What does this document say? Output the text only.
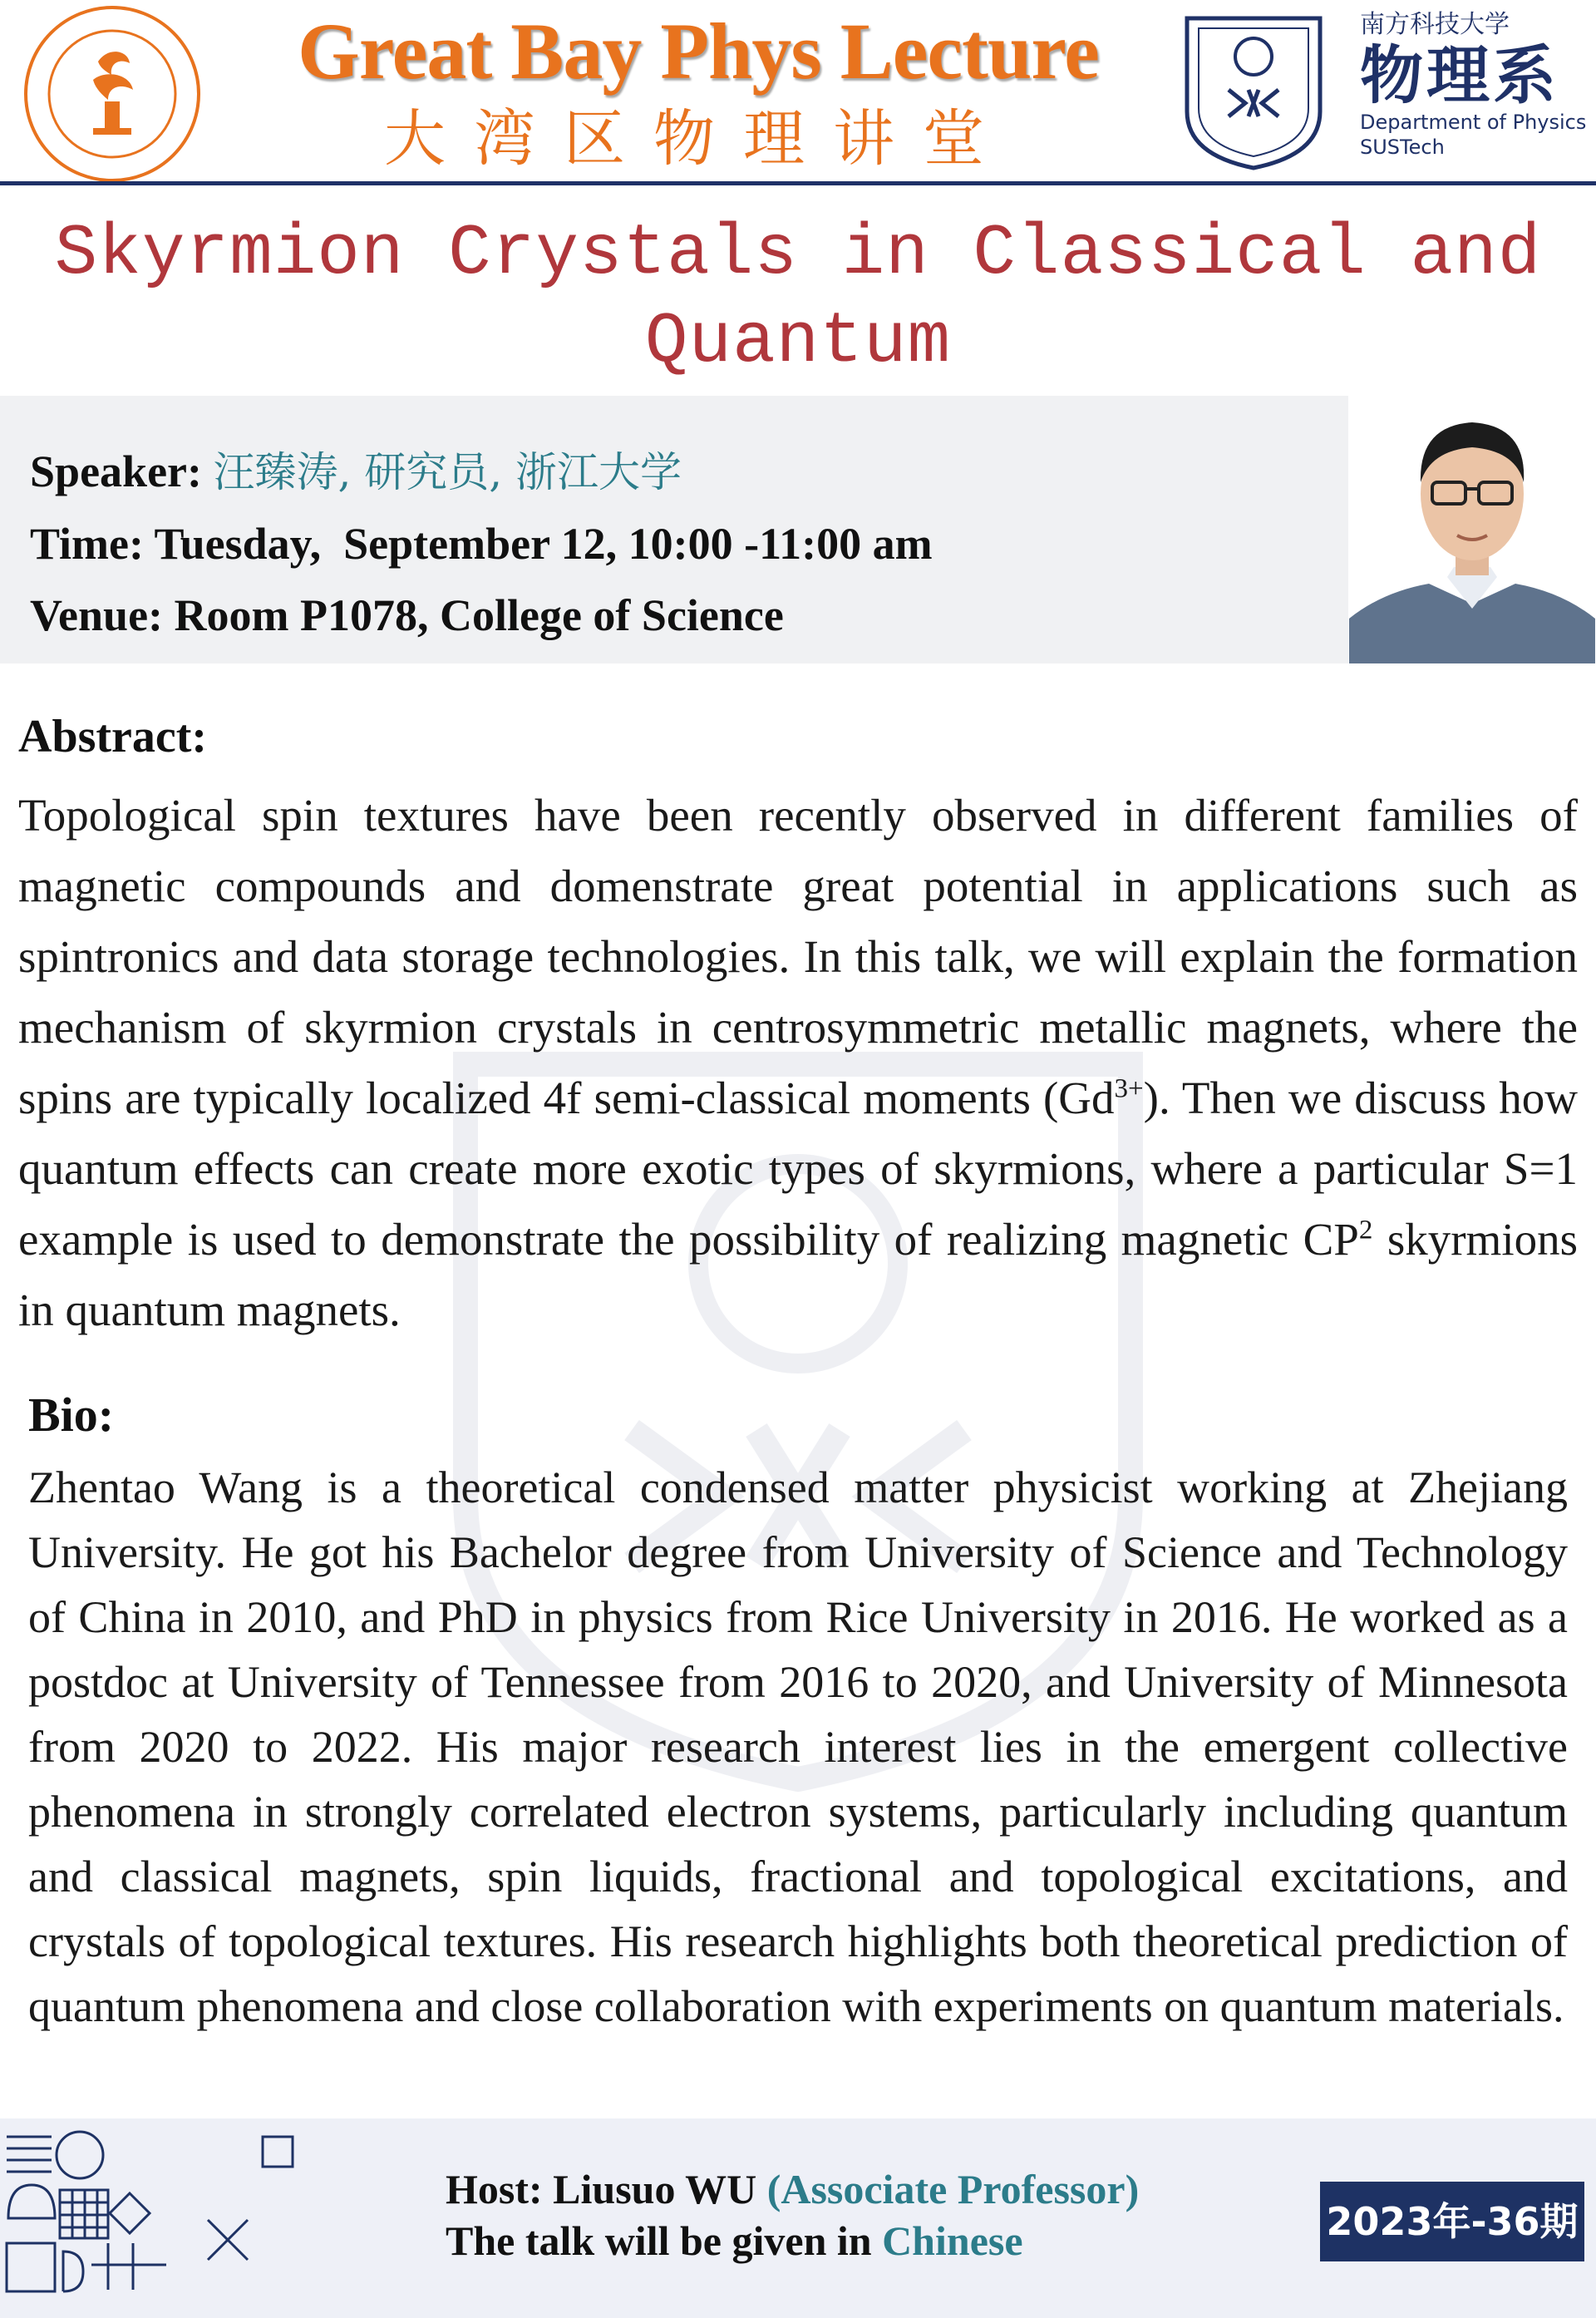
Great Bay Phys Lecture
大湾区物理讲堂
南方科技大学
物理系
Department of Physics
SUSTech
Skyrmion Crystals in Classical and Quantum
Speaker: 汪臻涛, 研究员, 浙江大学
Time: Tuesday,  September 12, 10:00 -11:00 am
Venue: Room P1078, College of Science
Abstract:
Topological spin textures have been recently observed in different families of magnetic compounds and domenstrate great potential in applications such as spintronics and data storage technologies. In this talk, we will explain the formation mechanism of skyrmion crystals in centrosymmetric metallic magnets, where the spins are typically localized 4f semi-classical moments $(Gd^{3+})$. Then we discuss how quantum effects can create more exotic types of skyrmions, where a particular S=1 example is used to demonstrate the possibility of realizing magnetic $CP^2$ skyrmions in quantum magnets.
Bio:
Zhentao Wang is a theoretical condensed matter physicist working at Zhejiang University. He got his Bachelor degree from University of Science and Technology of China in 2010, and PhD in physics from Rice University in 2016. He worked as a postdoc at University of Tennessee from 2016 to 2020, and University of Minnesota from 2020 to 2022. His major research interest lies in the emergent collective phenomena in strongly correlated electron systems, particularly including quantum and classical magnets, spin liquids, fractional and topological excitations, and crystals of topological textures. His research highlights both theoretical prediction of quantum phenomena and close collaboration with experiments on quantum materials.
Host: Liusuo WU (Associate Professor)
The talk will be given in Chinese	2023年-36期
